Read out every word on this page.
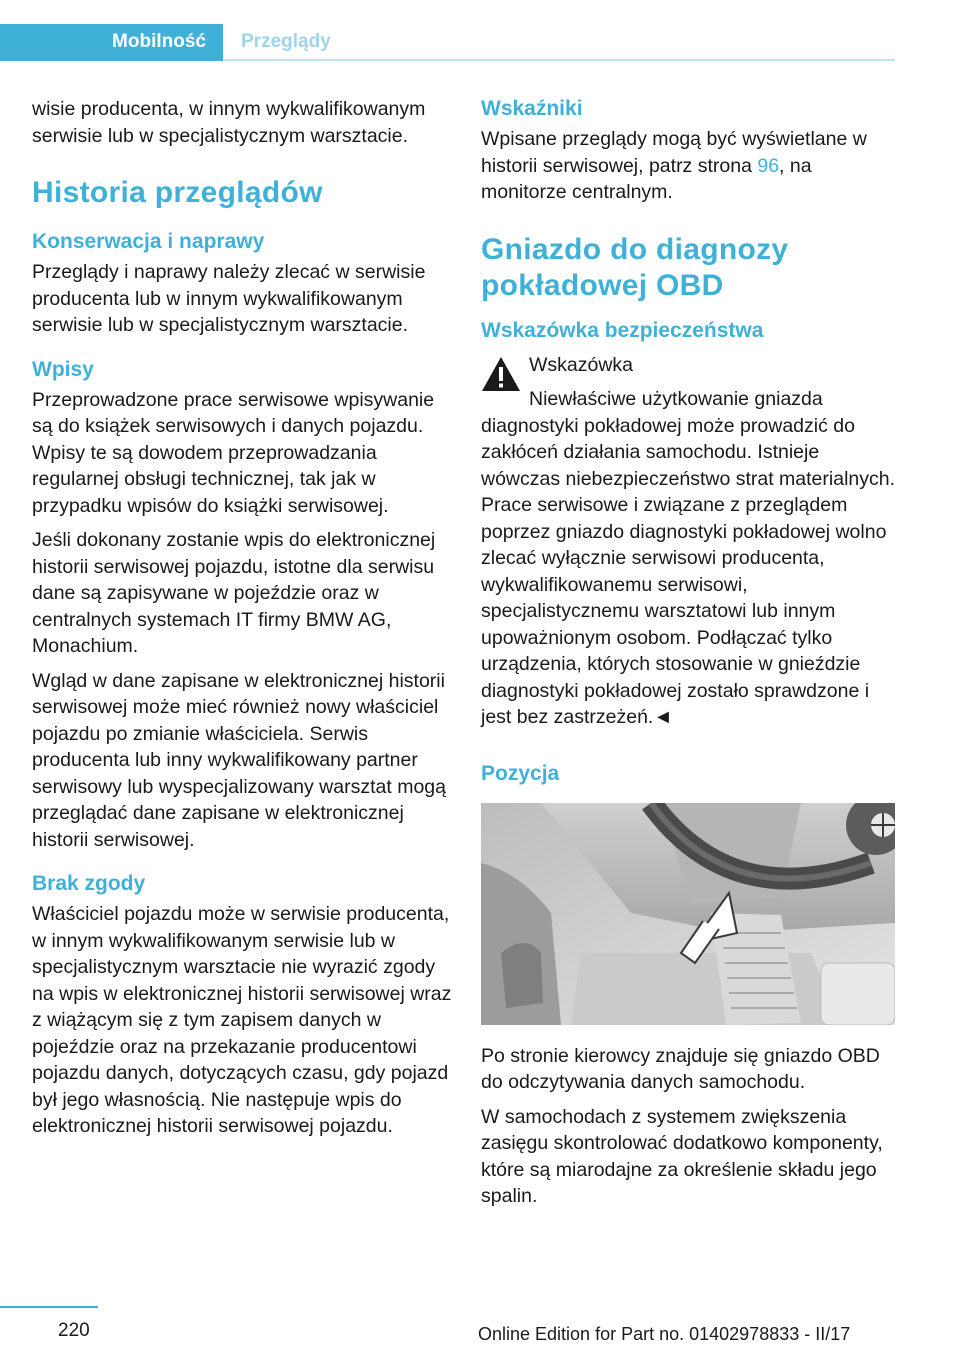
Mobilność Przeglądy

wisie producenta, w innym wykwalifikowanym serwisie lub w specjalistycznym warsztacie.

Historia przeglądów
Konserwacja i naprawy

Przeglądy i naprawy należy zlecać w serwisie producenta lub w innym wykwalifikowanym serwisie lub w specjalistycznym warsztacie.

Wpisy

Przeprowadzone prace serwisowe wpisywanie są do książek serwisowych i danych pojazdu. Wpisy te są dowodem przeprowadzania regularnej obsługi technicznej, tak jak w przypadku wpisów do książki serwisowej.

Jeśli dokonany zostanie wpis do elektronicznej historii serwisowej pojazdu, istotne dla serwisu dane są zapisywane w pojeździe oraz w centralnych systemach IT firmy BMW AG, Monachium.

Wgląd w dane zapisane w elektronicznej historii serwisowej może mieć również nowy właściciel pojazdu po zmianie właściciela. Serwis producenta lub inny wykwalifikowany partner serwisowy lub wyspecjalizowany warsztat mogą przeglądać dane zapisane w elektronicznej historii serwisowej.

Brak zgody

Właściciel pojazdu może w serwisie producenta, w innym wykwalifikowanym serwisie lub w specjalistycznym warsztacie nie wyrazić zgody na wpis w elektronicznej historii serwisowej wraz z wiążącym się z tym zapisem danych w pojeździe oraz na przekazanie producentowi pojazdu danych, dotyczących czasu, gdy pojazd był jego własnością. Nie następuje wpis do elektronicznej historii serwisowej pojazdu.

Wskaźniki

Wpisane przeglądy mogą być wyświetlane w historii serwisowej, patrz strona 96, na monitorze centralnym.

Gniazdo do diagnozy pokładowej OBD
Wskazówka bezpieczeństwa
Wskazówka
Niewłaściwe użytkowanie gniazda diagnostyki pokładowej może prowadzić do zakłóceń działania samochodu. Istnieje wówczas niebezpieczeństwo strat materialnych. Prace serwisowe i związane z przeglądem poprzez gniazdo diagnostyki pokładowej wolno zlecać wyłącznie serwisowi producenta, wykwalifikowanemu serwisowi, specjalistycznemu warsztatowi lub innym upoważnionym osobom. Podłączać tylko urządzenia, których stosowanie w gnieździe diagnostyki pokładowej zostało sprawdzone i jest bez zastrzeżeń.◄
Pozycja

Po stronie kierowcy znajduje się gniazdo OBD do odczytywania danych samochodu.

W samochodach z systemem zwiększenia zasięgu skontrolować dodatkowo komponenty, które są miarodajne za określenie składu jego spalin.

220	Online Edition for Part no. 01402978833 - II/17
